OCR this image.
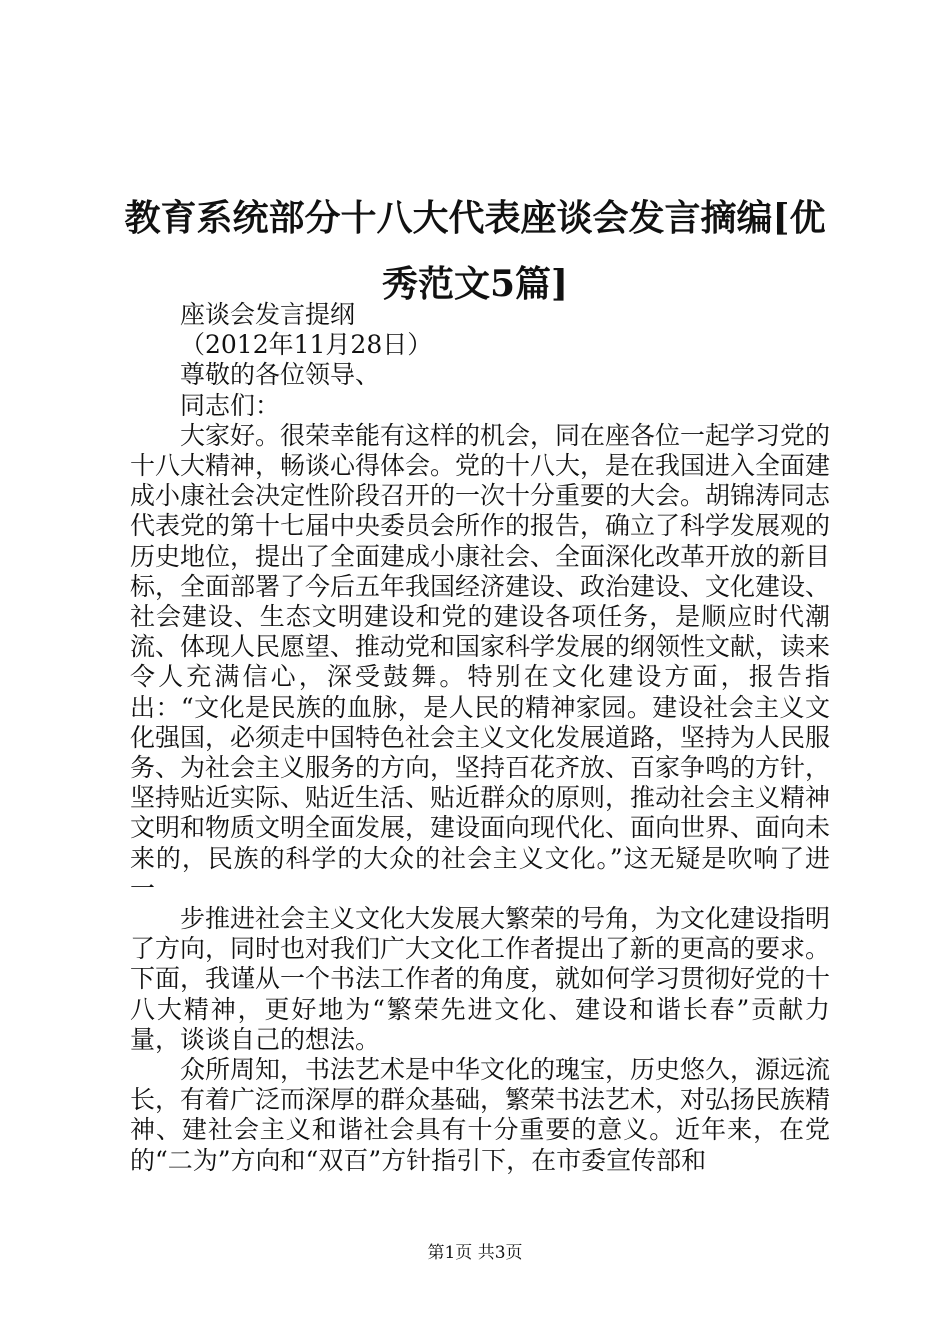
教育系统部分十八大代表座谈会发言摘编[优秀范文5篇]

座谈会发言提纲

（2012年11月28日）

尊敬的各位领导、

同志们：

大家好。很荣幸能有这样的机会，同在座各位一起学习党的十八大精神，畅谈心得体会。党的十八大，是在我国进入全面建成小康社会决定性阶段召开的一次十分重要的大会。胡锦涛同志代表党的第十七届中央委员会所作的报告，确立了科学发展观的历史地位，提出了全面建成小康社会、全面深化改革开放的新目标，全面部署了今后五年我国经济建设、政治建设、文化建设、社会建设、生态文明建设和党的建设各项任务，是顺应时代潮流、体现人民愿望、推动党和国家科学发展的纲领性文献，读来令人充满信心，深受鼓舞。特别在文化建设方面，报告指出：“文化是民族的血脉，是人民的精神家园。建设社会主义文化强国，必须走中国特色社会主义文化发展道路，坚持为人民服务、为社会主义服务的方向，坚持百花齐放、百家争鸣的方针，坚持贴近实际、贴近生活、贴近群众的原则，推动社会主义精神文明和物质文明全面发展，建设面向现代化、面向世界、面向未来的，民族的科学的大众的社会主义文化。”这无疑是吹响了进一

步推进社会主义文化大发展大繁荣的号角，为文化建设指明了方向，同时也对我们广大文化工作者提出了新的更高的要求。下面，我谨从一个书法工作者的角度，就如何学习贯彻好党的十八大精神，更好地为“繁荣先进文化、建设和谐长春”贡献力量，谈谈自己的想法。

众所周知，书法艺术是中华文化的瑰宝，历史悠久，源远流长，有着广泛而深厚的群众基础，繁荣书法艺术，对弘扬民族精神、建社会主义和谐社会具有十分重要的意义。近年来，在党的“二为”方向和“双百”方针指引下，在市委宣传部和

第1页 共3页
